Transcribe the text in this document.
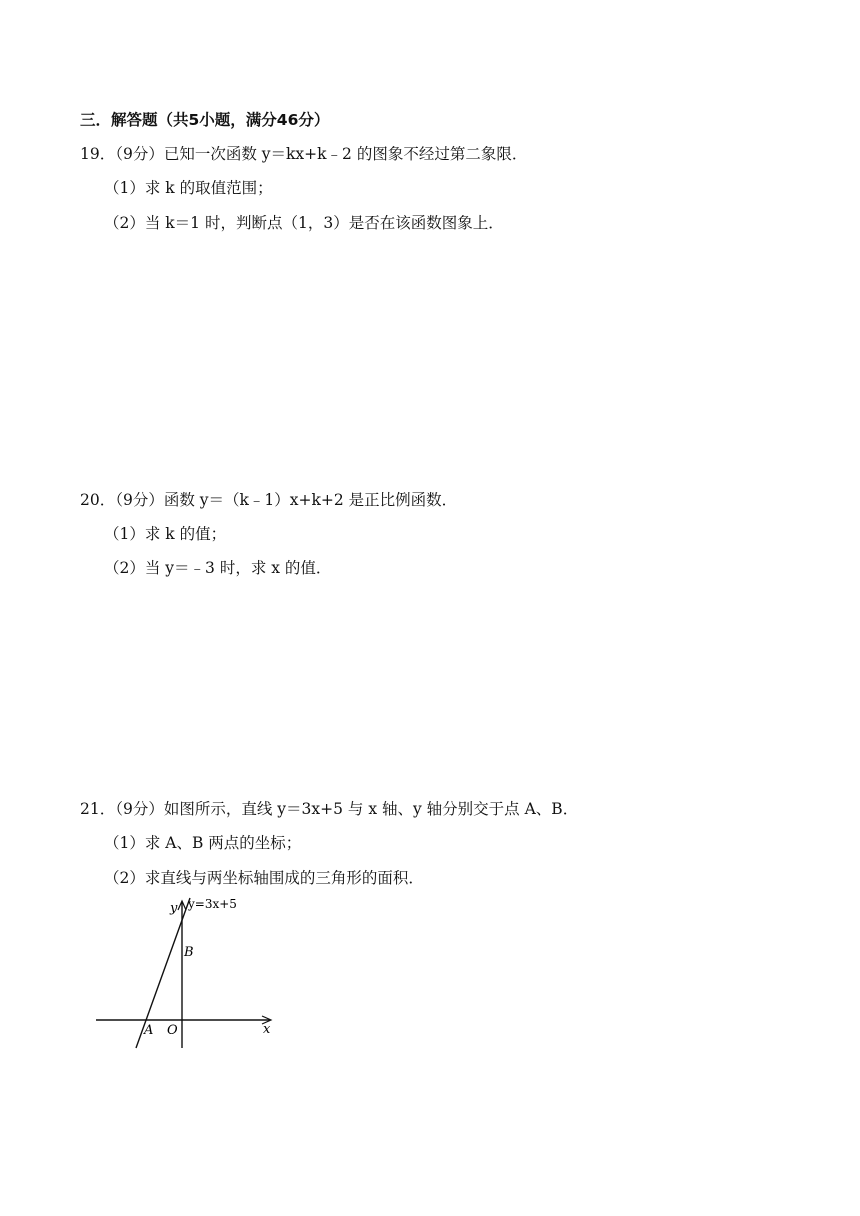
三．解答题（共5小题，满分46分）
19．（9分）已知一次函数 y＝kx+k﹣2 的图象不经过第二象限．
（1）求 k 的取值范围；
（2）当 k＝1 时，判断点（1，3）是否在该函数图象上．
20．（9分）函数 y＝（k﹣1）x+k+2 是正比例函数．
（1）求 k 的值；
（2）当 y＝﹣3 时，求 x 的值．
21．（9分）如图所示，直线 y＝3x+5 与 x 轴、y 轴分别交于点 A、B．
（1）求 A、B 两点的坐标；
（2）求直线与两坐标轴围成的三角形的面积．
y y=3x+5
B
A O	x
